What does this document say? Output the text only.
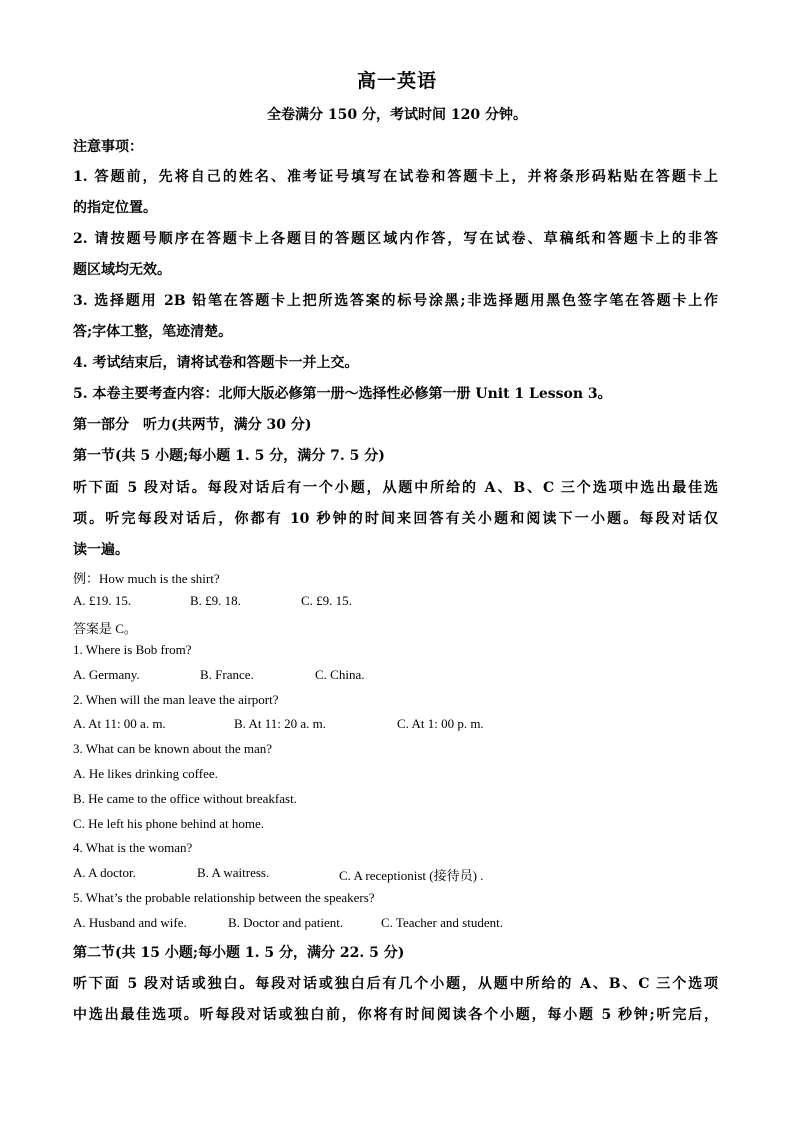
高一英语
全卷满分 150 分，考试时间 120 分钟。
注意事项：
1. 答题前，先将自己的姓名、准考证号填写在试卷和答题卡上，并将条形码粘贴在答题卡上
的指定位置。
2. 请按题号顺序在答题卡上各题目的答题区域内作答，写在试卷、草稿纸和答题卡上的非答
题区域均无效。
3. 选择题用 2B 铅笔在答题卡上把所选答案的标号涂黑;非选择题用黑色签字笔在答题卡上作
答;字体工整，笔迹清楚。
4. 考试结束后，请将试卷和答题卡一并上交。
5. 本卷主要考查内容：北师大版必修第一册～选择性必修第一册 Unit 1 Lesson 3。
第一部分　听力(共两节，满分 30 分)
第一节(共 5 小题;每小题 1. 5 分，满分 7. 5 分)
听下面 5 段对话。每段对话后有一个小题，从题中所给的 A、B、C 三个选项中选出最佳选
项。听完每段对话后，你都有 10 秒钟的时间来回答有关小题和阅读下一小题。每段对话仅
读一遍。
例：How much is the shirt?
A. £19. 15.	B. £9. 18.	C. £9. 15.
答案是 C。
1. Where is Bob from?
A. Germany.	B. France.	C. China.
2. When will the man leave the airport?
A. At 11: 00 a. m.	B. At 11: 20 a. m.	C. At 1: 00 p. m.
3. What can be known about the man?
A. He likes drinking coffee.
B. He came to the office without breakfast.
C. He left his phone behind at home.
4. What is the woman?
A. A doctor.	B. A waitress.	C. A receptionist (接待员) .
5. What’s the probable relationship between the speakers?
A. Husband and wife.	B. Doctor and patient.	C. Teacher and student.
第二节(共 15 小题;每小题 1. 5 分，满分 22. 5 分)
听下面 5 段对话或独白。每段对话或独白后有几个小题，从题中所给的 A、B、C 三个选项
中选出最佳选项。听每段对话或独白前，你将有时间阅读各个小题，每小题 5 秒钟;听完后，
